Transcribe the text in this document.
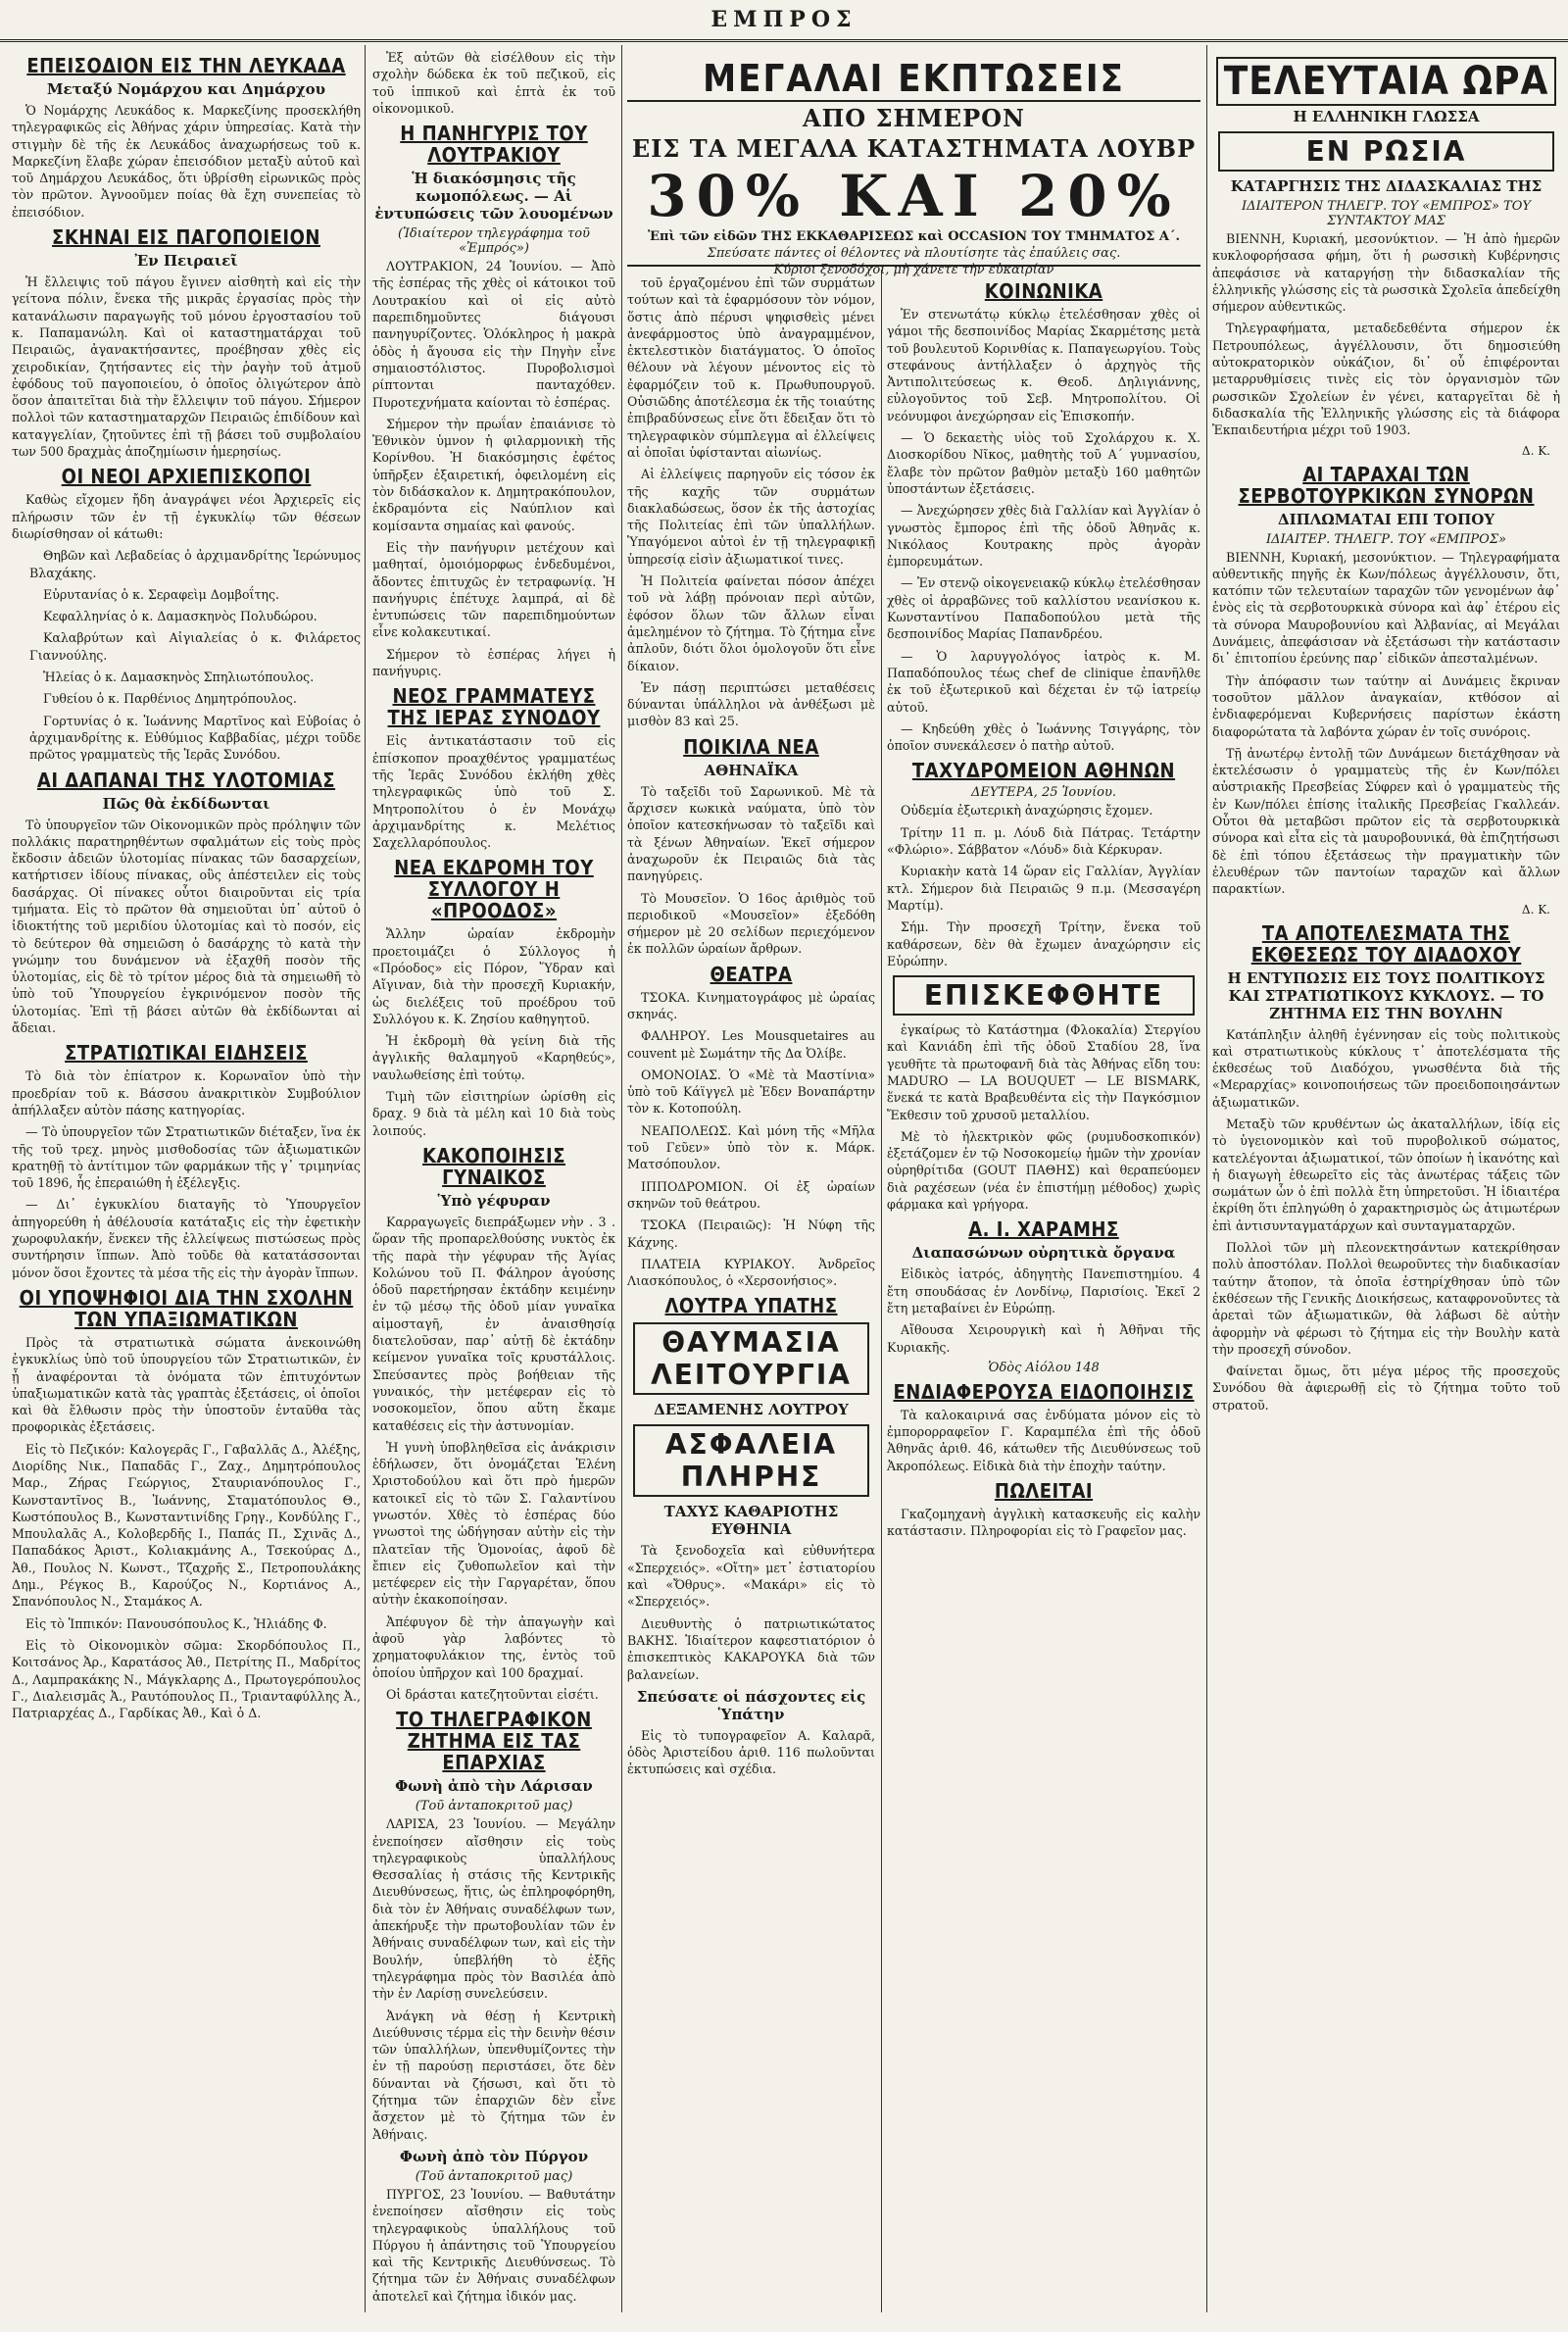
ΕΜΠΡΟΣ
ΕΠΕΙΣΟΔΙΟΝ ΕΙΣ ΤΗΝ ΛΕΥΚΑΔΑ
Μεταξύ Νομάρχου και Δημάρχου

Ὁ Νομάρχης Λευκάδος κ. Μαρκεζίνης προσεκλήθη τηλεγραφικῶς εἰς Ἀθήνας χάριν ὑπηρεσίας. Κατὰ τὴν στιγμὴν δὲ τῆς ἐκ Λευκάδος ἀναχωρήσεως τοῦ κ. Μαρκεζίνη ἔλαβε χώραν ἐπεισόδιον μεταξὺ αὐτοῦ καὶ τοῦ Δημάρχου Λευκάδος, ὅτι ὑβρίσθη εἰρωνικῶς πρὸς τὸν πρῶτον. Ἀγνοοῦμεν ποίας θὰ ἔχη συνεπείας τὸ ἐπεισόδιον.

ΣΚΗΝΑΙ ΕΙΣ ΠΑΓΟΠΟΙΕΙΟΝ
Ἐν Πειραιεῖ

Ἡ ἔλλειψις τοῦ πάγου ἔγινεν αἰσθητὴ καὶ εἰς τὴν γείτονα πόλιν, ἕνεκα τῆς μικρᾶς ἐργασίας πρὸς τὴν κατανάλωσιν παραγωγῆς τοῦ μόνου ἐργοστασίου τοῦ κ. Παπαμανώλη. Καὶ οἱ καταστηματάρχαι τοῦ Πειραιῶς, ἀγανακτήσαντες, προέβησαν χθὲς εἰς χειροδικίαν, ζητήσαντες εἰς τὴν ῥαγὴν τοῦ ἀτμοῦ ἐφόδους τοῦ παγοποιείου, ὁ ὁποῖος ὀλιγώτερον ἀπὸ ὅσον ἀπαιτεῖται διὰ τὴν ἔλλειψιν τοῦ πάγου. Σήμερον πολλοὶ τῶν καταστηματαρχῶν Πειραιῶς ἐπιδίδουν καὶ καταγγελίαν, ζητοῦντες ἐπὶ τῇ βάσει τοῦ συμβολαίου των 500 δραχμὰς ἀποζημίωσιν ἡμερησίως.

ΟΙ ΝΕΟΙ ΑΡΧΙΕΠΙΣΚΟΠΟΙ

Καθὼς εἴχομεν ἤδη ἀναγράψει νέοι Ἀρχιερεῖς εἰς πλήρωσιν τῶν ἐν τῇ ἐγκυκλίῳ τῶν θέσεων διωρίσθησαν οἱ κάτωθι:

Θηβῶν καὶ Λεβαδείας ὁ ἀρχιμανδρίτης Ἱερώνυμος Βλαχάκης.

Εὐρυτανίας ὁ κ. Σεραφεὶμ Δομβοΐτης.

Κεφαλληνίας ὁ κ. Δαμασκηνὸς Πολυδώρου.

Καλαβρύτων καὶ Αἰγιαλείας ὁ κ. Φιλάρετος Γιαννούλης.

Ἠλείας ὁ κ. Δαμασκηνὸς Σπηλιωτόπουλος.

Γυθείου ὁ κ. Παρθένιος Δημητρόπουλος.

Γορτυνίας ὁ κ. Ἰωάννης Μαρτῖνος καὶ Εὐβοίας ὁ ἀρχιμανδρίτης κ. Εὐθύμιος Καββαδίας, μέχρι τοῦδε πρῶτος γραμματεὺς τῆς Ἱερᾶς Συνόδου.

ΑΙ ΔΑΠΑΝΑΙ ΤΗΣ ΥΛΟΤΟΜΙΑΣ
Πῶς θὰ ἐκδίδωνται

Τὸ ὑπουργεῖον τῶν Οἰκονομικῶν πρὸς πρόληψιν τῶν πολλάκις παρατηρηθέντων σφαλμάτων εἰς τοὺς πρὸς ἔκδοσιν ἀδειῶν ὑλοτομίας πίνακας τῶν δασαρχείων, κατήρτισεν ἰδίους πίνακας, οὓς ἀπέστειλεν εἰς τοὺς δασάρχας. Οἱ πίνακες οὗτοι διαιροῦνται εἰς τρία τμήματα. Εἰς τὸ πρῶτον θὰ σημειοῦται ὑπ᾽ αὐτοῦ ὁ ἰδιοκτήτης τοῦ μεριδίου ὑλοτομίας καὶ τὸ ποσόν, εἰς τὸ δεύτερον θὰ σημειῶση ὁ δασάρχης τὸ κατὰ τὴν γνώμην του δυνάμενον νὰ ἐξαχθῆ ποσὸν τῆς ὑλοτομίας, εἰς δὲ τὸ τρίτον μέρος διὰ τὰ σημειωθῆ τὸ ὑπὸ τοῦ Ὑπουργείου ἐγκρινόμενον ποσὸν τῆς ὑλοτομίας. Ἐπὶ τῇ βάσει αὐτῶν θὰ ἐκδίδωνται αἱ ἄδειαι.

ΣΤΡΑΤΙΩΤΙΚΑΙ ΕΙΔΗΣΕΙΣ

Τὸ διὰ τὸν ἐπίατρον κ. Κορωναῖον ὑπὸ τὴν προεδρίαν τοῦ κ. Βάσσου ἀνακριτικὸν Συμβούλιον ἀπήλλαξεν αὐτὸν πάσης κατηγορίας.

— Τὸ ὑπουργεῖον τῶν Στρατιωτικῶν διέταξεν, ἵνα ἐκ τῆς τοῦ τρεχ. μηνὸς μισθοδοσίας τῶν ἀξιωματικῶν κρατηθῇ τὸ ἀντίτιμον τῶν φαρμάκων τῆς γ᾽ τριμηνίας τοῦ 1896, ἧς ἐπεραιώθη ἡ ἐξέλεγξις.

— Δι᾽ ἐγκυκλίου διαταγῆς τὸ Ὑπουργεῖον ἀπηγορεύθη ἡ ἀθέλουσία κατάταξις εἰς τὴν ἐφετικὴν χωροφυλακήν, ἕνεκεν τῆς ἐλλείψεως πιστώσεως πρὸς συντήρησιν ἵππων. Ἀπὸ τοῦδε θὰ κατατάσσονται μόνον ὅσοι ἔχοντες τὰ μέσα τῆς εἰς τὴν ἀγορὰν ἵππων.

ΟΙ ΥΠΟΨΗΦΙΟΙ ΔΙΑ ΤΗΝ ΣΧΟΛΗΝ ΤΩΝ ΥΠΑΞΙΩΜΑΤΙΚΩΝ

Πρὸς τὰ στρατιωτικὰ σώματα ἀνεκοινώθη ἐγκυκλίως ὑπὸ τοῦ ὑπουργείου τῶν Στρατιωτικῶν, ἐν ᾗ ἀναφέρονται τὰ ὀνόματα τῶν ἐπιτυχόντων ὑπαξιωματικῶν κατὰ τὰς γραπτὰς ἐξετάσεις, οἱ ὁποῖοι καὶ θὰ ἔλθωσιν πρὸς τὴν ὑποστοῦν ἐνταῦθα τὰς προφορικὰς ἐξετάσεις.

Εἰς τὸ Πεζικόν: Καλογερᾶς Γ., Γαβαλλᾶς Δ., Ἀλέξης, Διορίδης Νικ., Παπαδᾶς Γ., Ζαχ., Δημητρόπουλος Μαρ., Ζήρας Γεώργιος, Σταυριανόπουλος Γ., Κωνσταντῖνος Β., Ἰωάννης, Σταματόπουλος Θ., Κωστόπουλος Β., Κωνσταντινίδης Γρηγ., Κονδύλης Γ., Μπουλαλᾶς Α., Κολοβερδῆς Ι., Παπάς Π., Σχινᾶς Δ., Παπαδάκος Ἀριστ., Κολιακμάνης Α., Τσεκούρας Δ., Ἀθ., Πουλος Ν. Κωνστ., Τζαχρῆς Σ., Πετροπουλάκης Δημ., Ρέγκος Β., Καρούζος Ν., Κορτιάνος Α., Σπανόπουλος Ν., Σταμάκος Α.

Εἰς τὸ Ἱππικόν: Πανουσόπουλος Κ., Ἠλιάδης Φ.

Εἰς τὸ Οἰκονομικὸν σῶμα: Σκορδόπουλος Π., Κοιτσάνος Ἀρ., Καρατάσος Ἀθ., Πετρίτης Π., Μαδρίτος Δ., Λαμπρακάκης Ν., Μάγκλαρης Δ., Πρωτογερόπουλος Γ., Διαλεισμᾶς Ἀ., Ραυτόπουλος Π., Τριανταφύλλης Ἀ., Πατριαρχέας Δ., Γαρδίκας Ἀθ., Καὶ ὁ Δ.

Ἐξ αὐτῶν θὰ εἰσέλθουν εἰς τὴν σχολὴν δώδεκα ἐκ τοῦ πεζικοῦ, εἰς τοῦ ἱππικοῦ καὶ ἑπτὰ ἐκ τοῦ οἰκονομικοῦ.

Η ΠΑΝΗΓΥΡΙΣ ΤΟΥ ΛΟΥΤΡΑΚΙΟΥ
Ἡ διακόσμησις τῆς κωμοπόλεως. — Αἱ ἐντυπώσεις τῶν λουομένων
(Ἰδιαίτερον τηλεγράφημα τοῦ «Ἐμπρός»)

ΛΟΥΤΡΑΚΙΟΝ, 24 Ἰουνίου. — Ἀπὸ τῆς ἑσπέρας τῆς χθὲς οἱ κάτοικοι τοῦ Λουτρακίου καὶ οἱ εἰς αὐτὸ παρεπιδημοῦντες διάγουσι πανηγυρίζοντες. Ὁλόκληρος ἡ μακρὰ ὁδὸς ἡ ἄγουσα εἰς τὴν Πηγὴν εἶνε σημαιοστόλιστος. Πυροβολισμοὶ ρίπτονται πανταχόθεν. Πυροτεχνήματα καίονται τὸ ἑσπέρας.

Σήμερον τὴν πρωΐαν ἐπαιάνισε τὸ Ἐθνικὸν ὑμνον ἡ φιλαρμονικὴ τῆς Κορίνθου. Ἡ διακόσμησις ἐφέτος ὑπῆρξεν ἐξαιρετική, ὀφειλομένη εἰς τὸν διδάσκαλον κ. Δημητρακόπουλον, ἐκδραμόντα εἰς Ναύπλιον καὶ κομίσαντα σημαίας καὶ φανούς.

Εἰς τὴν πανήγυριν μετέχουν καὶ μαθηταί, ὁμοιόμορφως ἐνδεδυμένοι, ἄδοντες ἐπιτυχῶς ἐν τετραφωνίᾳ. Ἡ πανήγυρις ἐπέτυχε λαμπρά, αἱ δὲ ἐντυπώσεις τῶν παρεπιδημούντων εἶνε κολακευτικαί.

Σήμερον τὸ ἑσπέρας λήγει ἡ πανήγυρις.

ΝΕΟΣ ΓΡΑΜΜΑΤΕΥΣ ΤΗΣ ΙΕΡΑΣ ΣΥΝΟΔΟΥ

Εἰς ἀντικατάστασιν τοῦ εἰς ἐπίσκοπον προαχθέντος γραμματέως τῆς Ἱερᾶς Συνόδου ἐκλήθη χθὲς τηλεγραφικῶς ὑπὸ τοῦ Σ. Μητροπολίτου ὁ ἐν Μονάχῳ ἀρχιμανδρίτης κ. Μελέτιος Σαχελλαρόπουλος.

ΝΕΑ ΕΚΔΡΟΜΗ ΤΟΥ ΣΥΛΛΟΓΟΥ Η «ΠΡΟΟΔΟΣ»

Ἄλλην ὡραίαν ἐκδρομὴν προετοιμάζει ὁ Σύλλογος ἡ «Πρόοδος» εἰς Πόρον, Ὕδραν καὶ Αἴγιναν, διὰ τὴν προσεχῆ Κυριακήν, ὡς διελέξεις τοῦ προέδρου τοῦ Συλλόγου κ. Κ. Ζησίου καθηγητοῦ.

Ἡ ἐκδρομὴ θὰ γείνη διὰ τῆς ἀγγλικῆς θαλαμηγοῦ «Καρηθεύς», ναυλωθείσης ἐπὶ τούτῳ.

Τιμὴ τῶν εἰσιτηρίων ὡρίσθη εἰς δραχ. 9 διὰ τὰ μέλη καὶ 10 διὰ τοὺς λοιπούς.

ΚΑΚΟΠΟΙΗΣΙΣ ΓΥΝΑΙΚΟΣ
Ὑπὸ γέφυραν

Καρραγωγεῖς διεπράξωμεν νὴν . 3 . ὥραν τῆς προπαρελθούσης νυκτὸς ἐκ τῆς παρὰ τὴν γέφυραν τῆς Ἁγίας Κολώνου τοῦ Π. Φάληρον ἀγούσης ὁδοῦ παρετήρησαν ἐκτάδην κειμένην ἐν τῷ μέσῳ τῆς ὁδοῦ μίαν γυναῖκα αἰμοσταγῆ, ἐν ἀναισθησίᾳ διατελοῦσαν, παρ᾽ αὐτῇ δὲ ἐκτάδην κείμενον γυναῖκα τοῖς κρυστάλλοις. Σπεύσαντες πρὸς βοήθειαν τῆς γυναικός, τὴν μετέφεραν εἰς τὸ νοσοκομεῖον, ὅπου αὕτη ἔκαμε καταθέσεις εἰς τὴν ἀστυνομίαν.

Ἡ γυνὴ ὑποβληθεῖσα εἰς ἀνάκρισιν ἐδήλωσεν, ὅτι ὀνομάζεται Ἑλένη Χριστοδούλου καὶ ὅτι πρὸ ἡμερῶν κατοικεῖ εἰς τὸ τῶν Σ. Γαλαντίνου γνωστόν. Χθὲς τὸ ἑσπέρας δύο γνωστοὶ της ὡδήγησαν αὐτὴν εἰς τὴν πλατεῖαν τῆς Ὁμονοίας, ἀφοῦ δὲ ἔπιεν εἰς ζυθοπωλεῖον καὶ τὴν μετέφερεν εἰς τὴν Γαργαρέταν, ὅπου αὐτὴν ἐκακοποίησαν.

Ἀπέφυγον δὲ τὴν ἀπαγωγὴν καὶ ἀφοῦ γὰρ λαβόντες τὸ χρηματοφυλάκιον της, ἐντὸς τοῦ ὁποίου ὑπῆρχον καὶ 100 δραχμαί.

Οἱ δράσται κατεζητοῦνται εἰσέτι.

ΤΟ ΤΗΛΕΓΡΑΦΙΚΟΝ ΖΗΤΗΜΑ ΕΙΣ ΤΑΣ ΕΠΑΡΧΙΑΣ
Φωνὴ ἀπὸ τὴν Λάρισαν
(Τοῦ ἀνταποκριτοῦ μας)

ΛΑΡΙΣΑ, 23 Ἰουνίου. — Μεγάλην ἐνεποίησεν αἴσθησιν εἰς τοὺς τηλεγραφικοὺς ὑπαλλήλους Θεσσαλίας ἡ στάσις τῆς Κεντρικῆς Διευθύνσεως, ἥτις, ὡς ἐπληροφόρηθη, διὰ τὸν ἐν Ἀθήναις συναδέλφων των, ἀπεκήρυξε τὴν πρωτοβουλίαν τῶν ἐν Ἀθήναις συναδέλφων των, καὶ εἰς τὴν Βουλήν, ὑπεβλήθη τὸ ἑξῆς τηλεγράφημα πρὸς τὸν Βασιλέα ἀπὸ τὴν ἐν Λαρίσῃ συνελεύσειν.

Ἀνάγκη νὰ θέσῃ ἡ Κεντρικὴ Διεύθυνσις τέρμα εἰς τὴν δεινὴν θέσιν τῶν ὑπαλλήλων, ὑπενθυμίζοντες τὴν ἐν τῇ παρούσῃ περιστάσει, ὅτε δὲν δύνανται νὰ ζήσωσι, καὶ ὅτι τὸ ζήτημα τῶν ἐπαρχιῶν δὲν εἶνε ἄσχετον μὲ τὸ ζήτημα τῶν ἐν Ἀθήναις.

Φωνὴ ἀπὸ τὸν Πύργον
(Τοῦ ἀνταποκριτοῦ μας)

ΠΥΡΓΟΣ, 23 Ἰουνίου. — Βαθυτάτην ἐνεποίησεν αἴσθησιν εἰς τοὺς τηλεγραφικοὺς ὑπαλλήλους τοῦ Πύργου ἡ ἀπάντησις τοῦ Ὑπουργείου καὶ τῆς Κεντρικῆς Διευθύνσεως. Τὸ ζήτημα τῶν ἐν Ἀθήναις συναδέλφων ἀποτελεῖ καὶ ζήτημα ἰδικόν μας.

ΜΕΓΑΛΑΙ ΕΚΠΤΩΣΕΙΣ
ΑΠΟ ΣΗΜΕΡΟΝ
ΕΙΣ ΤΑ ΜΕΓΑΛΑ ΚΑΤΑΣΤΗΜΑΤΑ ΛΟΥΒΡ
30% ΚΑΙ 20%
Ἐπὶ τῶν εἰδῶν ΤΗΣ ΕΚΚΑΘΑΡΙΣΕΩΣ καὶ OCCASION ΤΟΥ ΤΜΗΜΑΤΟΣ Α΄.
Σπεύσατε πάντες οἱ θέλοντες νὰ πλουτίσητε τὰς ἐπαύλεις σας.
Κύριοι ξενοδόχοι, μὴ χάνετε τὴν εὐκαιρίαν

τοῦ ἐργαζομένου ἐπὶ τῶν συρμάτων τούτων καὶ τὰ ἐφαρμόσουν τὸν νόμον, ὅστις ἀπὸ πέρυσι ψηφισθεὶς μένει ἀνεφάρμοστος ὑπὸ ἀναγραμμένον, ἐκτελεστικὸν διατάγματος. Ὁ ὁποῖος θέλουν νὰ λέγουν μένοντος εἰς τὸ ἐφαρμόζειν τοῦ κ. Πρωθυπουργοῦ. Οὐσιῶδης ἀποτέλεσμα ἐκ τῆς τοιαύτης ἐπιβραδύνσεως εἶνε ὅτι ἔδειξαν ὅτι τὸ τηλεγραφικὸν σύμπλεγμα αἱ ἐλλείψεις αἱ ὁποῖαι ὑφίστανται αἰωνίως.

Αἱ ἐλλείψεις παρηγοῦν εἰς τόσον ἐκ τῆς καχῆς τῶν συρμάτων διακλαδώσεως, ὅσον ἐκ τῆς ἀστοχίας τῆς Πολιτείας ἐπὶ τῶν ὑπαλλήλων. Ὑπαγόμενοι αὐτοὶ ἐν τῇ τηλεγραφικῇ ὑπηρεσίᾳ εἰσὶν ἀξιωματικοί τινες.

Ἡ Πολιτεία φαίνεται πόσον ἀπέχει τοῦ νὰ λάβῃ πρόνοιαν περὶ αὐτῶν, ἐφόσον ὅλων τῶν ἄλλων εἶναι ἀμελημένον τὸ ζήτημα. Τὸ ζήτημα εἶνε ἀπλοῦν, διότι ὅλοι ὁμολογοῦν ὅτι εἶνε δίκαιον.

Ἐν πάσῃ περιπτώσει μεταθέσεις δύνανται ὑπάλληλοι νὰ ἀνθέξωσι μὲ μισθὸν 83 καὶ 25.

ΠΟΙΚΙΛΑ ΝΕΑ
ΑΘΗΝΑΪΚΑ

Τὸ ταξεῖδι τοῦ Σαρωνικοῦ. Μὲ τὰ ἄρχισεν κωκικὰ ναύματα, ὑπὸ τὸν ὁποῖον κατεσκήνωσαν τὸ ταξεῖδι καὶ τὰ ξένων Ἀθηναίων. Ἐκεῖ σήμερον ἀναχωροῦν ἐκ Πειραιῶς διὰ τὰς πανηγύρεις.

Τὸ Μουσεῖον. Ὁ 16ος ἀριθμὸς τοῦ περιοδικοῦ «Μουσεῖον» ἐξεδόθη σήμερον μὲ 20 σελίδων περιεχόμενον ἐκ πολλῶν ὡραίων ἄρθρων.

ΘΕΑΤΡΑ

ΤΣΟΚΑ. Κινηματογράφος μὲ ὡραίας σκηνάς.

ΦΑΛΗΡΟΥ. Les Mousquetaires au couvent μὲ Σωμάτην τῆς Δα Ὀλίβε.

ΟΜΟΝΟΙΑΣ. Ὁ «Μὲ τὰ Μαστίνια» ὑπὸ τοῦ Κάϊγγελ μὲ Ἐδεν Βοναπάρτην τὸν κ. Κοτοπούλη.

ΝΕΑΠΟΛΕΩΣ. Καὶ μόνη τῆς «Μῆλα τοῦ Γεῦεν» ὑπὸ τὸν κ. Μάρκ. Ματσόπουλον.

ΙΠΠΟΔΡΟΜΙΟΝ. Οἱ ἐξ ὠραίων σκηνῶν τοῦ θεάτρου.

ΤΣΟΚΑ (Πειραιῶς): Ἡ Νύφη τῆς Κάχνης.

ΠΛΑΤΕΙΑ ΚΥΡΙΑΚΟΥ. Ἀνδρεῖος Λιασκόπουλος, ὁ «Χερσονήσιος».

ΛΟΥΤΡΑ ΥΠΑΤΗΣ
ΘΑΥΜΑΣΙΑ ΛΕΙΤΟΥΡΓΙΑ
ΔΕΞΑΜΕΝΗΣ ΛΟΥΤΡΟΥ
ΑΣΦΑΛΕΙΑ ΠΛΗΡΗΣ
ΤΑΧΥΣ ΚΑΘΑΡΙΟΤΗΣ ΕΥΘΗΝΙΑ

Τὰ ξενοδοχεῖα καὶ εὐθυνήτερα «Σπερχειός». «Οἴτη» μετ᾽ ἑστιατορίου καὶ «Ὄθρυς». «Μακάρι» εἰς τὸ «Σπερχειός».

Διευθυντὴς ὁ πατριωτικώτατος ΒΑΚΗΣ. Ἰδιαίτερον καφεστιατόριον ὁ ἐπισκεπτικὸς ΚΑΚΑΡΟΥΚΑ διὰ τῶν βαλανείων.

Σπεύσατε οἱ πάσχοντες εἰς Ὑπάτην

Εἰς τὸ τυπογραφεῖον Α. Καλαρᾶ, ὁδὸς Ἀριστείδου ἀριθ. 116 πωλοῦνται ἐκτυπώσεις καὶ σχέδια.

ΚΟΙΝΩΝΙΚΑ

Ἐν στενωτάτῳ κύκλῳ ἐτελέσθησαν χθὲς οἱ γάμοι τῆς δεσποινίδος Μαρίας Σκαρμέτσης μετὰ τοῦ βουλευτοῦ Κορινθίας κ. Παπαγεωργίου. Τοὺς στεφάνους ἀντήλλαξεν ὁ ἀρχηγὸς τῆς Ἀντιπολιτεύσεως κ. Θεοδ. Δηλιγιάννης, εὐλογοῦντος τοῦ Σεβ. Μητροπολίτου. Οἱ νεόνυμφοι ἀνεχώρησαν εἰς Ἐπισκοπήν.

— Ὁ δεκαετὴς υἱὸς τοῦ Σχολάρχου κ. Χ. Διοσκορίδου Νῖκος, μαθητὴς τοῦ Α΄ γυμνασίου, ἔλαβε τὸν πρῶτον βαθμὸν μεταξὺ 160 μαθητῶν ὑποστάντων ἐξετάσεις.

— Ἀνεχώρησεν χθὲς διὰ Γαλλίαν καὶ Ἀγγλίαν ὁ γνωστὸς ἔμπορος ἐπὶ τῆς ὁδοῦ Ἀθηνᾶς κ. Νικόλαος Κουτρακης πρὸς ἀγορὰν ἐμπορευμάτων.

— Ἐν στενῷ οἰκογενειακῷ κύκλῳ ἐτελέσθησαν χθὲς οἱ ἀρραβῶνες τοῦ καλλίστου νεανίσκου κ. Κωνσταντίνου Παπαδοπούλου μετὰ τῆς δεσποινίδος Μαρίας Παπανδρέου.

— Ὁ λαρυγγολόγος ἰατρὸς κ. Μ. Παπαδόπουλος τέως chef de clinique ἐπανῆλθε ἐκ τοῦ ἐξωτερικοῦ καὶ δέχεται ἐν τῷ ἰατρείῳ αὐτοῦ.

— Κηδεύθη χθὲς ὁ Ἰωάννης Τσιγγάρης, τὸν ὁποῖον συνεκάλεσεν ὁ πατὴρ αὐτοῦ.

ΤΑΧΥΔΡΟΜΕΙΟΝ ΑΘΗΝΩΝ
ΔΕΥΤΕΡΑ, 25 Ἰουνίου.

Οὐδεμία ἐξωτερικὴ ἀναχώρησις ἔχομεν.

Τρίτην 11 π. μ. Λόυδ διὰ Πάτρας. Τετάρτην «Φλώριο». Σάββατον «Λόυδ» διὰ Κέρκυραν.

Κυριακὴν κατὰ 14 ὥραν εἰς Γαλλίαν, Ἀγγλίαν κτλ. Σήμερον διὰ Πειραιῶς 9 π.μ. (Μεσσαγέρη Μαρτίμ).

Σήμ. Τὴν προσεχῆ Τρίτην, ἕνεκα τοῦ καθάρσεων, δὲν θὰ ἔχωμεν ἀναχώρησιν εἰς Εὐρώπην.

ΕΠΙΣΚΕΦΘΗΤΕ

ἐγκαίρως τὸ Κατάστημα (Φλοκαλία) Στεργίου καὶ Κανιάδη ἐπὶ τῆς ὁδοῦ Σταδίου 28, ἵνα γευθῆτε τὰ πρωτοφανῆ διὰ τὰς Ἀθήνας εἴδη του: MADURO — LA BOUQUET — LE BISMARK, ἕνεκά τε κατὰ Βραβευθέντα εἰς τὴν Παγκόσμιον Ἔκθεσιν τοῦ χρυσοῦ μεταλλίου.

Μὲ τὸ ἠλεκτρικὸν φῶς (ρυμυδοσκοπικόν) ἐξετάζομεν ἐν τῷ Νοσοκομείῳ ἡμῶν τὴν χρονίαν οὐρηθρίτιδα (GOUT ΠΑΘΗΣ) καὶ θεραπεύομεν διὰ ραχέσεων (νέα ἐν ἐπιστήμῃ μέθοδος) χωρὶς φάρμακα καὶ γρήγορα.

Α. Ι. ΧΑΡΑΜΗΣ
Διαπασώνων οὐρητικὰ ὄργανα

Εἰδικὸς ἰατρός, ἀδηγητὴς Πανεπιστημίου. 4 ἔτη σπουδάσας ἐν Λονδίνῳ, Παρισίοις. Ἐκεῖ 2 ἔτη μεταβαίνει ἐν Εὐρώπῃ.

Αἴθουσα Χειρουργικὴ καὶ ἡ Ἀθῆναι τῆς Κυριακῆς.

Ὁδὸς Αἰόλου 148
ΕΝΔΙΑΦΕΡΟΥΣΑ ΕΙΔΟΠΟΙΗΣΙΣ

Τὰ καλοκαιρινά σας ἐνδύματα μόνον εἰς τὸ ἐμπορορραφεῖον Γ. Καραμπέλα ἐπὶ τῆς ὁδοῦ Ἀθηνᾶς ἀριθ. 46, κάτωθεν τῆς Διευθύνσεως τοῦ Ἀκροπόλεως. Εἰδικὰ διὰ τὴν ἐποχὴν ταύτην.

ΠΩΛΕΙΤΑΙ

Γκαζομηχανὴ ἀγγλικὴ κατασκευῆς εἰς καλὴν κατάστασιν. Πληροφορίαι εἰς τὸ Γραφεῖον μας.

ΤΕΛΕΥΤΑΙΑ ΩΡΑ
Η ΕΛΛΗΝΙΚΗ ΓΛΩΣΣΑ
ΕΝ ΡΩΣΙΑ
ΚΑΤΑΡΓΗΣΙΣ ΤΗΣ ΔΙΔΑΣΚΑΛΙΑΣ ΤΗΣ
ΙΔΙΑΙΤΕΡΟΝ ΤΗΛΕΓΡ. ΤΟΥ «ΕΜΠΡΟΣ» ΤΟΥ ΣΥΝΤΑΚΤΟΥ ΜΑΣ

ΒΙΕΝΝΗ, Κυριακή, μεσονύκτιον. — Ἡ ἀπὸ ἡμερῶν κυκλοφορήσασα φήμη, ὅτι ἡ ρωσσικὴ Κυβέρνησις ἀπεφάσισε νὰ καταργήσῃ τὴν διδασκαλίαν τῆς ἑλληνικῆς γλώσσης εἰς τὰ ρωσσικὰ Σχολεῖα ἀπεδείχθη σήμερον αὐθεντικῶς.

Τηλεγραφήματα, μεταδεδεθέντα σήμερον ἐκ Πετρουπόλεως, ἀγγέλλουσιν, ὅτι δημοσιεύθη αὐτοκρατορικὸν οὐκάζιον, δι᾽ οὗ ἐπιφέρονται μεταρρυθμίσεις τινὲς εἰς τὸν ὀργανισμὸν τῶν ρωσσικῶν Σχολείων ἐν γένει, καταργεῖται δὲ ἡ διδασκαλία τῆς Ἑλληνικῆς γλώσσης εἰς τὰ διάφορα Ἐκπαιδευτήρια μέχρι τοῦ 1903.

Δ. Κ.
ΑΙ ΤΑΡΑΧΑΙ ΤΩΝ ΣΕΡΒΟΤΟΥΡΚΙΚΩΝ ΣΥΝΟΡΩΝ
ΔΙΠΛΩΜΑΤΑΙ ΕΠΙ ΤΟΠΟΥ
ΙΔΙΑΙΤΕΡ. ΤΗΛΕΓΡ. ΤΟΥ «ΕΜΠΡΟΣ»

ΒΙΕΝΝΗ, Κυριακή, μεσονύκτιον. — Τηλεγραφήματα αὐθεντικῆς πηγῆς ἐκ Κων/πόλεως ἀγγέλλουσιν, ὅτι, κατόπιν τῶν τελευταίων ταραχῶν τῶν γενομένων ἀφ᾽ ἑνὸς εἰς τὰ σερβοτουρκικὰ σύνορα καὶ ἀφ᾽ ἑτέρου εἰς τὰ σύνορα Μαυροβουνίου καὶ Ἀλβανίας, αἱ Μεγάλαι Δυνάμεις, ἀπεφάσισαν νὰ ἐξετάσωσι τὴν κατάστασιν δι᾽ ἐπιτοπίου ἐρεύνης παρ᾽ εἰδικῶν ἀπεσταλμένων.

Τὴν ἀπόφασιν των ταύτην αἱ Δυνάμεις ἔκριναν τοσοῦτον μᾶλλον ἀναγκαίαν, κτθόσον αἱ ἐνδιαφερόμεναι Κυβερνήσεις παρίστων ἑκάστη διαφορώτατα τὰ λαβόντα χώραν ἐν τοῖς συνόροις.

Τῇ ἀνωτέρῳ ἐντολῇ τῶν Δυνάμεων διετάχθησαν νὰ ἐκτελέσωσιν ὁ γραμματεὺς τῆς ἐν Κων/πόλει αὐστριακῆς Πρεσβείας Σύφρεν καὶ ὁ γραμματεὺς τῆς ἐν Κων/πόλει ἐπίσης ἰταλικῆς Πρεσβείας Γκαλλεάν. Οὗτοι θὰ μεταβῶσι πρῶτον εἰς τὰ σερβοτουρκικὰ σύνορα καὶ εἶτα εἰς τὰ μαυροβουνικά, θὰ ἐπιζητήσωσι δὲ ἐπὶ τόπου ἐξετάσεως τὴν πραγματικὴν τῶν ἐλευθέρων τῶν παντοίων ταραχῶν καὶ ἄλλων παρακτίων.

Δ. Κ.
ΤΑ ΑΠΟΤΕΛΕΣΜΑΤΑ ΤΗΣ ΕΚΘΕΣΕΩΣ ΤΟΥ ΔΙΑΔΟΧΟΥ
Η ΕΝΤΥΠΩΣΙΣ ΕΙΣ ΤΟΥΣ ΠΟΛΙΤΙΚΟΥΣ ΚΑΙ ΣΤΡΑΤΙΩΤΙΚΟΥΣ ΚΥΚΛΟΥΣ. — ΤΟ ΖΗΤΗΜΑ ΕΙΣ ΤΗΝ ΒΟΥΛΗΝ

Κατάπληξιν ἀληθῆ ἐγέννησαν εἰς τοὺς πολιτικοὺς καὶ στρατιωτικοὺς κύκλους τ᾽ ἀποτελέσματα τῆς ἐκθεσέως τοῦ Διαδόχου, γνωσθέντα διὰ τῆς «Μεραρχίας» κοινοποιήσεως τῶν προειδοποιησάντων ἀξιωματικῶν.

Μεταξὺ τῶν κρυθέντων ὡς ἀκαταλλήλων, ἰδίᾳ εἰς τὸ ὑγειονομικὸν καὶ τοῦ πυροβολικοῦ σώματος, κατελέγονται ἀξιωματικοί, τῶν ὁποίων ἡ ἱκανότης καὶ ἡ διαγωγὴ ἐθεωρεῖτο εἰς τὰς ἀνωτέρας τάξεις τῶν σωμάτων ὧν ὁ ἐπὶ πολλὰ ἔτη ὑπηρετοῦσι. Ἡ ἰδιαιτέρα ἐκρίθη ὅτι ἐπληγώθη ὁ χαρακτηρισμὸς ὡς ἀτιμωτέρων ἐπὶ ἀντισυνταγματάρχων καὶ συνταγματαρχῶν.

Πολλοὶ τῶν μὴ πλεονεκτησάντων κατεκρίθησαν πολὺ ἀποστόλαν. Πολλοὶ θεωροῦντες τὴν διαδικασίαν ταύτην ἄτοπον, τὰ ὁποῖα ἐστηρίχθησαν ὑπὸ τῶν ἐκθέσεων τῆς Γενικῆς Διοικήσεως, καταφρονοῦντες τὰ ἀρεταὶ τῶν ἀξιωματικῶν, θὰ λάβωσι δὲ αὐτὴν ἀφορμὴν νὰ φέρωσι τὸ ζήτημα εἰς τὴν Βουλὴν κατὰ τὴν προσεχῆ σύνοδον.

Φαίνεται ὅμως, ὅτι μέγα μέρος τῆς προσεχοῦς Συνόδου θὰ ἀφιερωθῇ εἰς τὸ ζήτημα τοῦτο τοῦ στρατοῦ.
